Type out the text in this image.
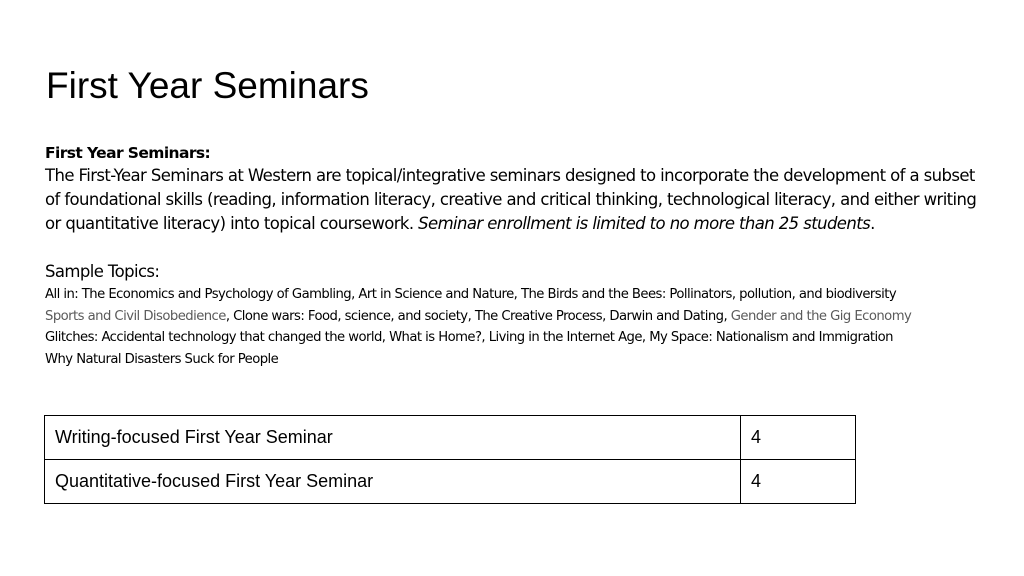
First Year Seminars
First Year Seminars:

The First-Year Seminars at Western are topical/integrative seminars designed to incorporate the development of a subset of foundational skills (reading, information literacy, creative and critical thinking, technological literacy, and either writing or quantitative literacy) into topical coursework. Seminar enrollment is limited to no more than 25 students.

Sample Topics:
All in: The Economics and Psychology of Gambling, Art in Science and Nature, The Birds and the Bees: Pollinators, pollution, and biodiversity
Sports and Civil Disobedience, Clone wars: Food, science, and society, The Creative Process, Darwin and Dating, Gender and the Gig Economy
Glitches: Accidental technology that changed the world, What is Home?, Living in the Internet Age, My Space: Nationalism and Immigration
Why Natural Disasters Suck for People
Writing-focused First Year Seminar	4
Quantitative-focused First Year Seminar	4
